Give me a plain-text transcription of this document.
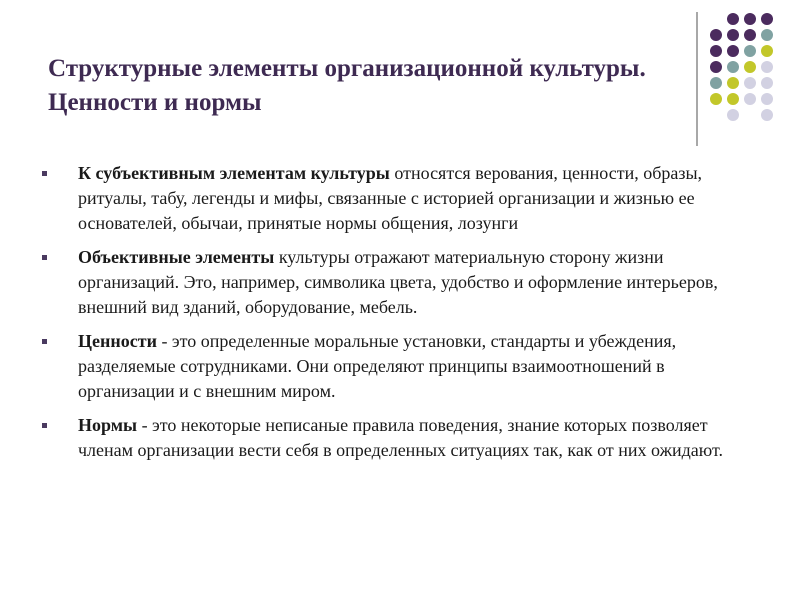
Структурные элементы организационной культуры. Ценности и нормы
К субъективным элементам культуры относятся верования, ценности, образы, ритуалы, табу, легенды и мифы, связанные с историей организации и жизнью ее основателей, обычаи, принятые нормы общения, лозунги
Объективные элементы культуры отражают материальную сторону жизни организаций. Это, например, символика цвета, удобство и оформление интерьеров, внешний вид зданий, оборудование, мебель.
Ценности - это определенные моральные установки, стандарты и убеждения, разделяемые сотрудниками. Они определяют принципы взаимоотношений в организации и с внешним миром.
Нормы - это некоторые неписаные правила поведения, знание которых позволяет членам организации вести себя в определенных ситуациях так, как от них ожидают.
